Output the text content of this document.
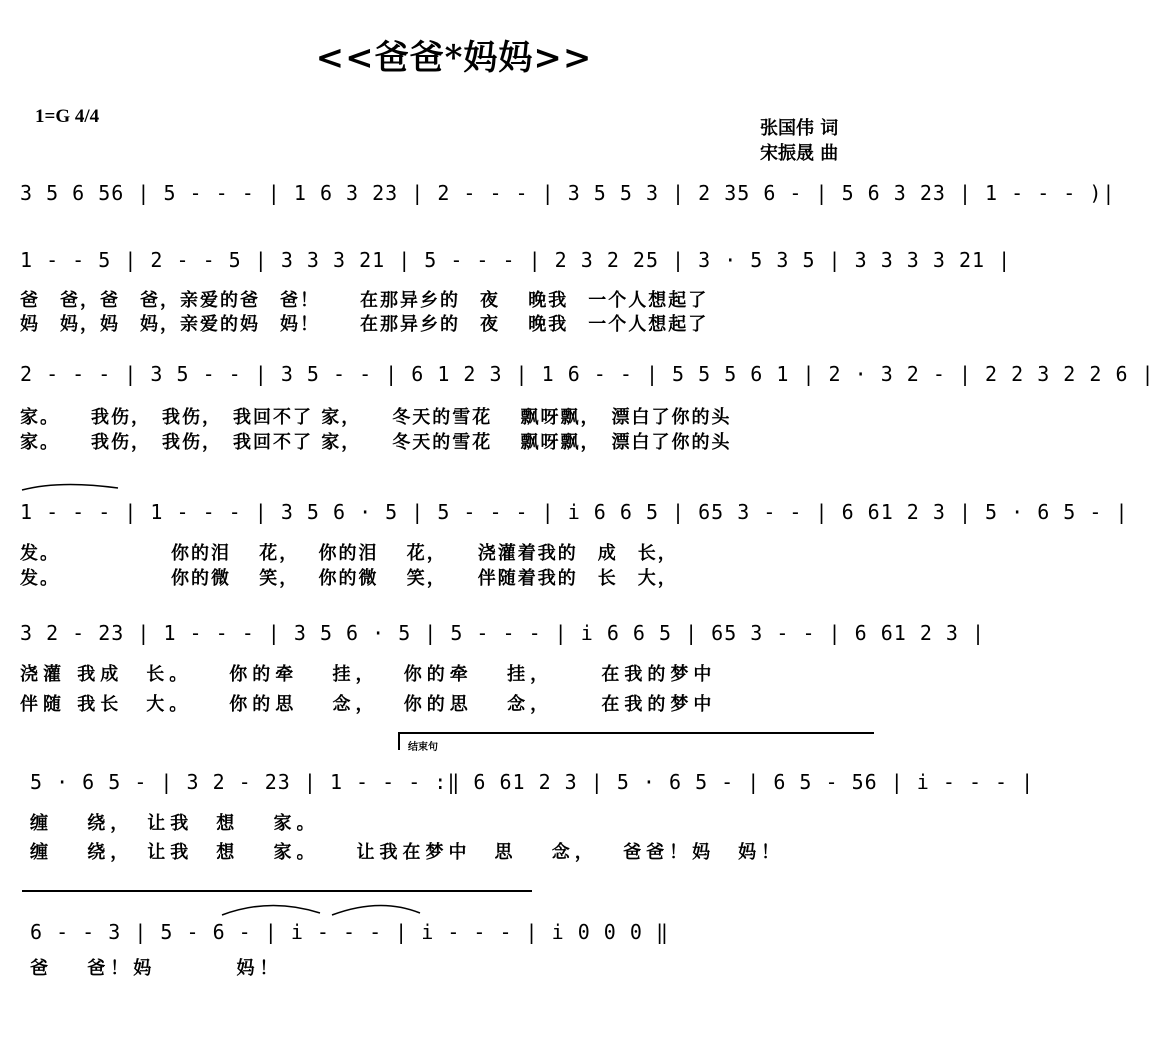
<<爸爸*妈妈>>
1=G 4/4
张国伟 词
宋振晟 曲
3 5 6 56 | 5 - - - | 1 6 3 23 | 2 - - - | 3 5 5 3 | 2 35 6 - | 5 6 3 23 | 1 - - - )|
1 - - 5 | 2 - - 5 | 3 3 3 21 | 5 - - - | 2 3 2 25 | 3 · 5 3 5 | 3 3 3 3 21 |
爸　爸，爸　爸，亲爱的爸　爸！　　在那异乡的　夜　 晚我　一个人想起了
妈　妈，妈　妈，亲爱的妈　妈！　　在那异乡的　夜　 晚我　一个人想起了
2 - - - | 3 5 - - | 3 5 - - | 6 1 2 3 | 1 6 - - | 5 5 5 6 1 | 2 · 3 2 - | 2 2 3 2 2 6 |
家。　　我伤，　我伤，　我回不了 家，　　冬天的雪花　 飘呀飘，　漂白了你的头
家。　　我伤，　我伤，　我回不了 家，　　冬天的雪花　 飘呀飘，　漂白了你的头
1 - - - | 1 - - - | 3 5 6 · 5 | 5 - - - | i 6 6 5 | 65 3 - - | 6 61 2 3 | 5 · 6 5 - |
发。　　　　　　你的泪　 花，　 你的泪　 花，　　浇灌着我的　成　长，
发。　　　　　　你的微　 笑，　 你的微　 笑，　　伴随着我的　长　大，
3 2 - 23 | 1 - - - | 3 5 6 · 5 | 5 - - - | i 6 6 5 | 65 3 - - | 6 61 2 3 |
浇灌 我成　长。　　你的牵　 挂，　 你的牵　 挂，　　 在我的梦中
伴随 我长　大。　　你的思　 念，　 你的思　 念，　　 在我的梦中
结束句
5 · 6 5 - | 3 2 - 23 | 1 - - - :‖ 6 61 2 3 | 5 · 6 5 - | 6 5 - 56 | i - - - |
缠　 绕，　让我　想　 家。
缠　 绕，　让我　想　 家。　　让我在梦中　思　 念，　 爸爸！妈　妈！
6 - - 3 | 5 - 6 - | i - - - | i - - - | i 0 0 0 ‖
爸　 爸！妈　　　 妈！
